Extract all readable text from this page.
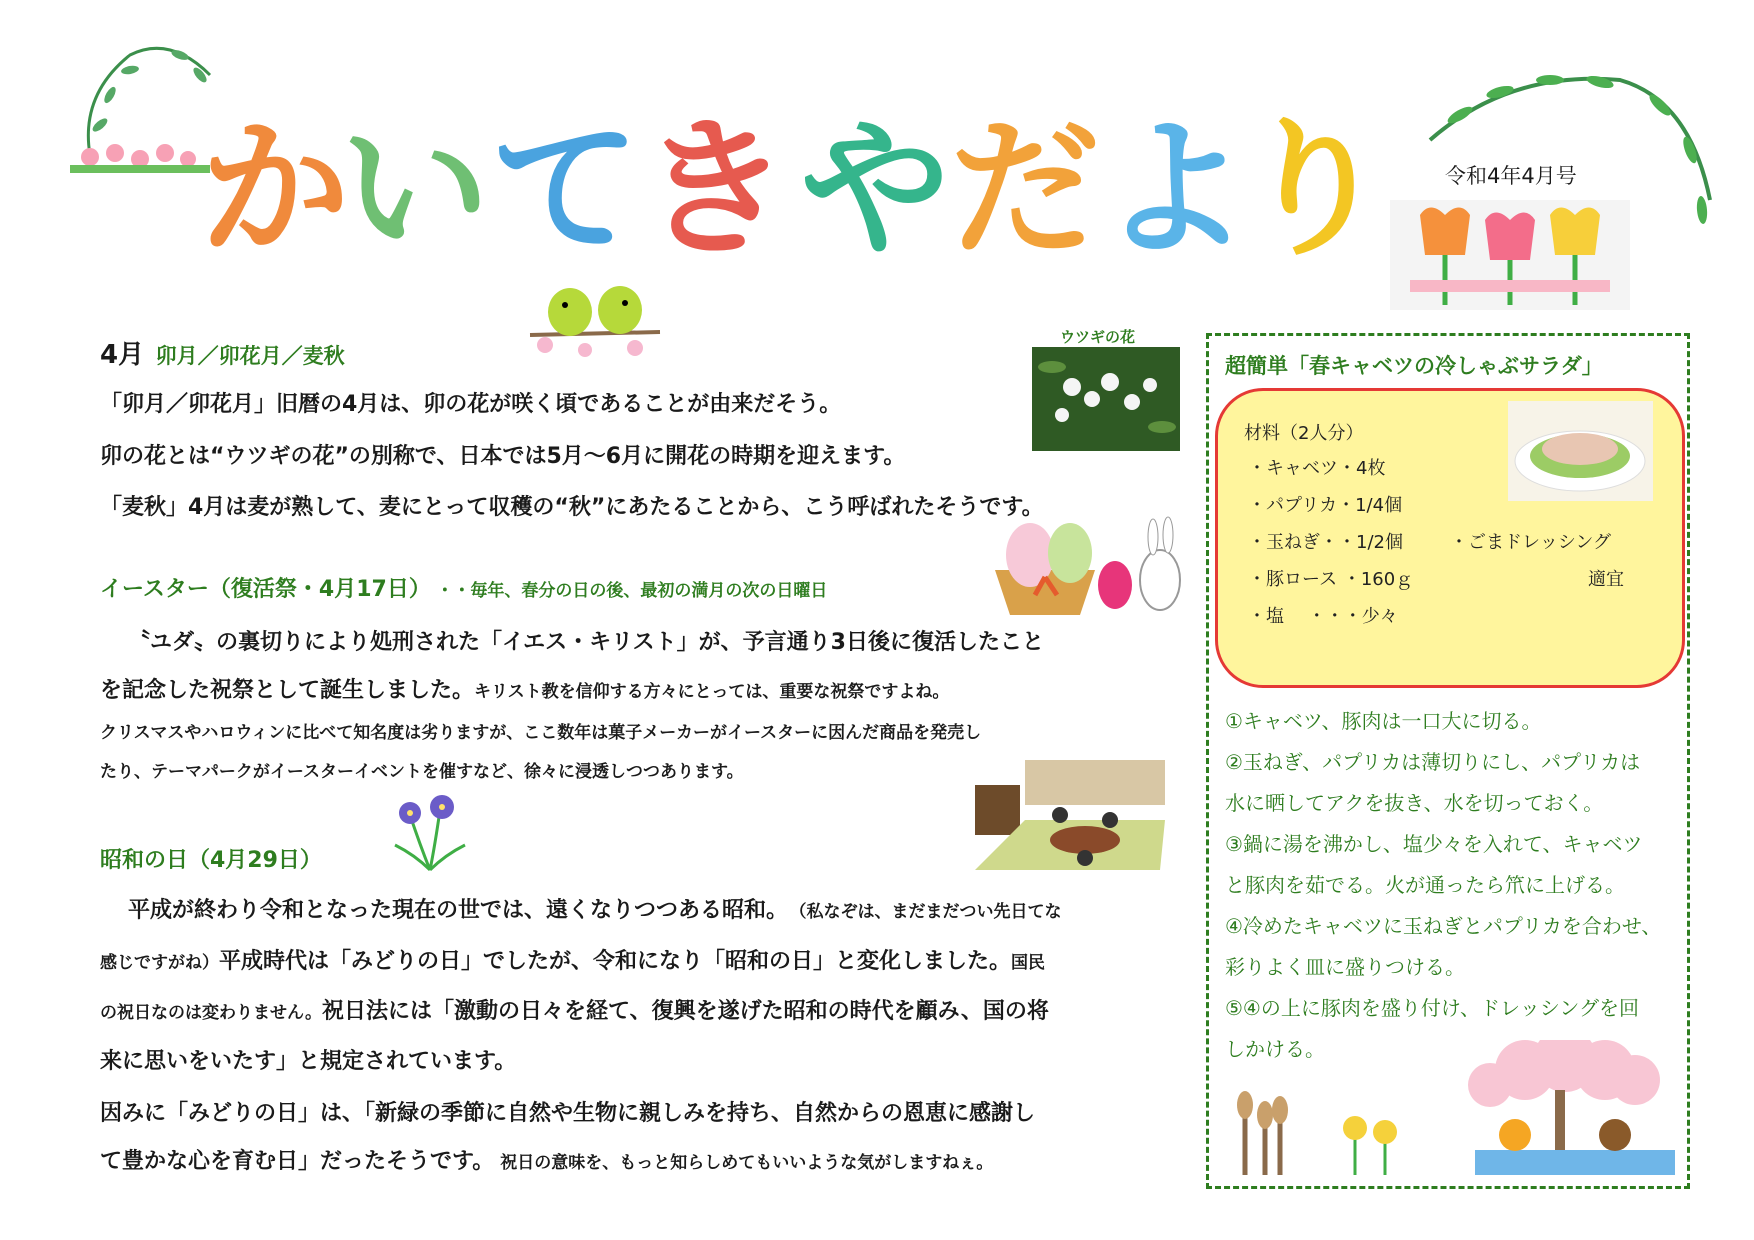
か
い て き や だ よ
り	令和4年4月号
ウツギの花
4月 卯月／卯花月／麦秋
「卯月／卯花月」旧暦の4月は、卯の花が咲く頃であることが由来だそう。
卯の花とは“ウツギの花”の別称で、日本では5月～6月に開花の時期を迎えます。
「麦秋」4月は麦が熟して、麦にとって収穫の“秋”にあたることから、こう呼ばれたそうです。
イースター（復活祭・4月17日） ・・毎年、春分の日の後、最初の満月の次の日曜日
〝ユダ〟の裏切りにより処刑された「イエス・キリスト」が、予言通り3日後に復活したこと
を記念した祝祭として誕生しました。キリスト教を信仰する方々にとっては、重要な祝祭ですよね。
クリスマスやハロウィンに比べて知名度は劣りますが、ここ数年は菓子メーカーがイースターに因んだ商品を発売し
たり、テーマパークがイースターイベントを催すなど、徐々に浸透しつつあります。
昭和の日（4月29日）
平成が終わり令和となった現在の世では、遠くなりつつある昭和。 （私なぞは、まだまだつい先日てな
感じですがね）平成時代は「みどりの日」でしたが、令和になり「昭和の日」と変化しました。国民
の祝日なのは変わりません。祝日法には「激動の日々を経て、復興を遂げた昭和の時代を顧み、国の将
来に思いをいたす」と規定されています。
因みに「みどりの日」は、「新緑の季節に自然や生物に親しみを持ち、自然からの恩恵に感謝し
て豊かな心を育む日」だったそうです。 祝日の意味を、もっと知らしめてもいいような気がしますねぇ。
超簡単「春キャベツの冷しゃぶサラダ」
材料（2人分）
・キャベツ・4枚
・パプリカ・1/4個
・玉ねぎ・・1/2個
・豚ロース ・160ｇ
・塩　 ・・・少々
・ごまドレッシング
適宜
①キャベツ、豚肉は一口大に切る。
②玉ねぎ、パプリカは薄切りにし、パプリカは
水に晒してアクを抜き、水を切っておく。
③鍋に湯を沸かし、塩少々を入れて、キャベツ
と豚肉を茹でる。火が通ったら笊に上げる。
④冷めたキャベツに玉ねぎとパプリカを合わせ、
彩りよく皿に盛りつける。
⑤④の上に豚肉を盛り付け、ドレッシングを回
しかける。
